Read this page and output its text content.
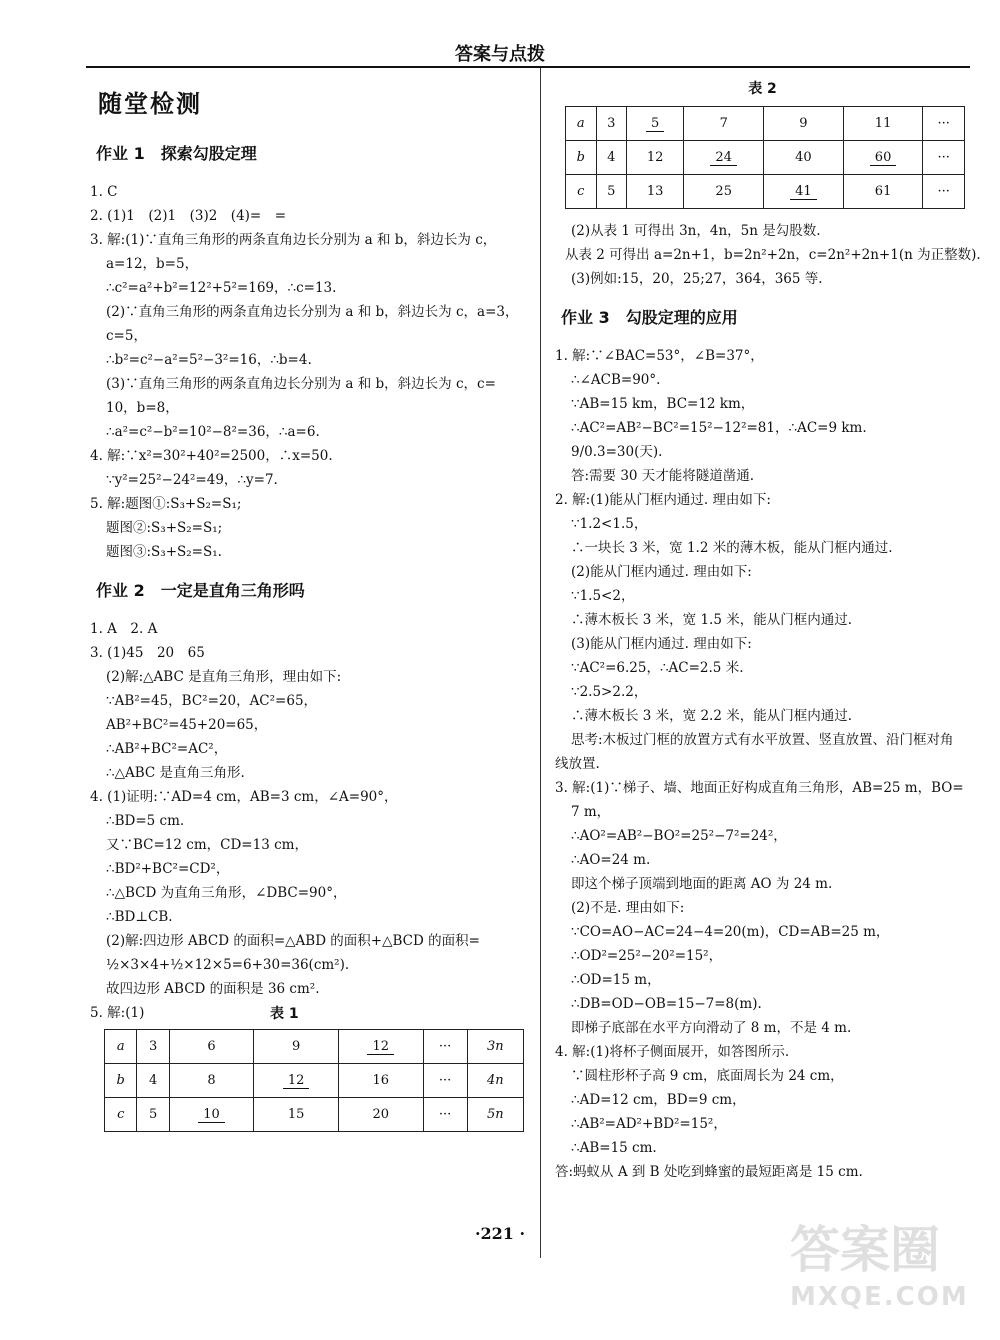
答案与点拨
随堂检测
作业 1　探索勾股定理
1. C
2. (1)1　(2)1　(3)2　(4)=　=
3. 解:(1)∵直角三角形的两条直角边长分别为 a 和 b，斜边长为 c，
a=12，b=5，
∴c²=a²+b²=12²+5²=169，∴c=13.
(2)∵直角三角形的两条直角边长分别为 a 和 b，斜边长为 c，a=3，
c=5，
∴b²=c²−a²=5²−3²=16，∴b=4.
(3)∵直角三角形的两条直角边长分别为 a 和 b，斜边长为 c，c=
10，b=8，
∴a²=c²−b²=10²−8²=36，∴a=6.
4. 解:∵x²=30²+40²=2500，∴x=50.
∵y²=25²−24²=49，∴y=7.
5. 解:题图①:S₃+S₂=S₁;
题图②:S₃+S₂=S₁;
题图③:S₃+S₂=S₁.
作业 2　一定是直角三角形吗
1. A　2. A
3. (1)45　20　65
(2)解:△ABC 是直角三角形，理由如下:
∵AB²=45，BC²=20，AC²=65，
AB²+BC²=45+20=65，
∴AB²+BC²=AC²，
∴△ABC 是直角三角形.
4. (1)证明:∵AD=4 cm，AB=3 cm，∠A=90°，
∴BD=5 cm.
又∵BC=12 cm，CD=13 cm，
∴BD²+BC²=CD²，
∴△BCD 为直角三角形，∠DBC=90°，
∴BD⊥CB.
(2)解:四边形 ABCD 的面积=△ABD 的面积+△BCD 的面积=
½×3×4+½×12×5=6+30=36(cm²).
故四边形 ABCD 的面积是 36 cm².
5. 解:(1)	表 1
a	3	6	9	12	···	3n
b	4	8	12	16	···	4n
c	5	10	15	20	···	5n
表 2
a	3	5	7	9	11	···
b	4	12	24	40	60	···
c	5	13	25	41	61	···
(2)从表 1 可得出 3n，4n，5n 是勾股数.
从表 2 可得出 a=2n+1，b=2n²+2n，c=2n²+2n+1(n 为正整数).
(3)例如:15，20，25;27，364，365 等.
作业 3　勾股定理的应用
1. 解:∵∠BAC=53°，∠B=37°，
∴∠ACB=90°.
∵AB=15 km，BC=12 km，
∴AC²=AB²−BC²=15²−12²=81，∴AC=9 km.
9/0.3=30(天).
答:需要 30 天才能将隧道凿通.
2. 解:(1)能从门框内通过. 理由如下:
∵1.2<1.5，
∴一块长 3 米，宽 1.2 米的薄木板，能从门框内通过.
(2)能从门框内通过. 理由如下:
∵1.5<2，
∴薄木板长 3 米，宽 1.5 米，能从门框内通过.
(3)能从门框内通过. 理由如下:
∵AC²=6.25，∴AC=2.5 米.
∵2.5>2.2，
∴薄木板长 3 米，宽 2.2 米，能从门框内通过.
思考:木板过门框的放置方式有水平放置、竖直放置、沿门框对角
线放置.
3. 解:(1)∵梯子、墙、地面正好构成直角三角形，AB=25 m，BO=
7 m，
∴AO²=AB²−BO²=25²−7²=24²，
∴AO=24 m.
即这个梯子顶端到地面的距离 AO 为 24 m.
(2)不是. 理由如下:
∵CO=AO−AC=24−4=20(m)，CD=AB=25 m，
∴OD²=25²−20²=15²，
∴OD=15 m，
∴DB=OD−OB=15−7=8(m).
即梯子底部在水平方向滑动了 8 m，不是 4 m.
4. 解:(1)将杯子侧面展开，如答图所示.
∵圆柱形杯子高 9 cm，底面周长为 24 cm，
∴AD=12 cm，BD=9 cm，
∴AB²=AD²+BD²=15²，
∴AB=15 cm.
答:蚂蚁从 A 到 B 处吃到蜂蜜的最短距离是 15 cm.
·221 ·	答案圈
MXQE.COM
